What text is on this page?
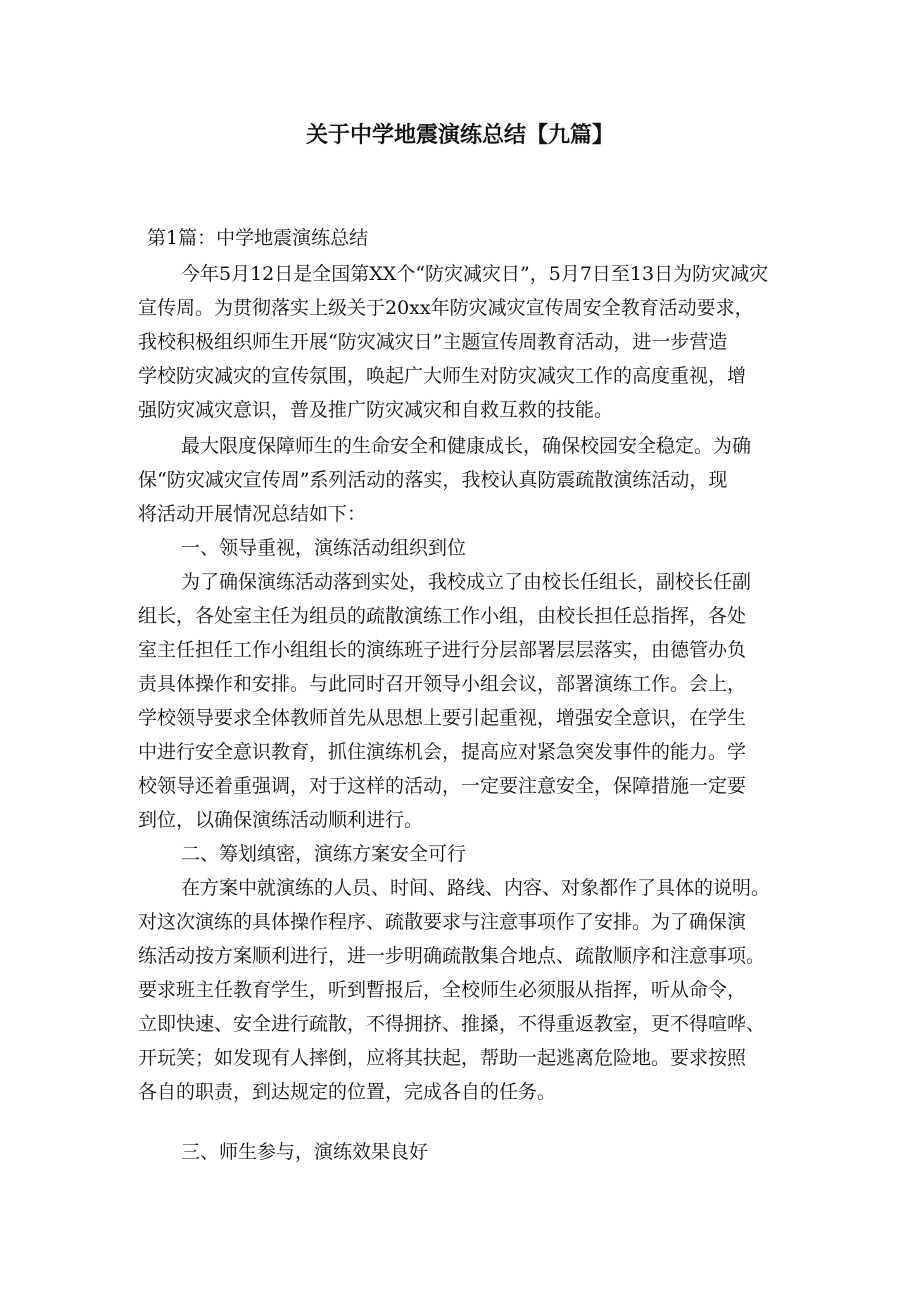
关于中学地震演练总结【九篇】
第1篇：中学地震演练总结
今年5月12日是全国第XX个“防灾减灾日”，5月7日至13日为防灾减灾
宣传周。为贯彻落实上级关于20xx年防灾减灾宣传周安全教育活动要求，
我校积极组织师生开展“防灾减灾日”主题宣传周教育活动，进一步营造
学校防灾减灾的宣传氛围，唤起广大师生对防灾减灾工作的高度重视，增
强防灾减灾意识，普及推广防灾减灾和自救互救的技能。
最大限度保障师生的生命安全和健康成长，确保校园安全稳定。为确
保“防灾减灾宣传周”系列活动的落实，我校认真防震疏散演练活动，现
将活动开展情况总结如下：
一、领导重视，演练活动组织到位
为了确保演练活动落到实处，我校成立了由校长任组长，副校长任副
组长，各处室主任为组员的疏散演练工作小组，由校长担任总指挥，各处
室主任担任工作小组组长的演练班子进行分层部署层层落实，由德管办负
责具体操作和安排。与此同时召开领导小组会议，部署演练工作。会上，
学校领导要求全体教师首先从思想上要引起重视，增强安全意识，在学生
中进行安全意识教育，抓住演练机会，提高应对紧急突发事件的能力。学
校领导还着重强调，对于这样的活动，一定要注意安全，保障措施一定要
到位，以确保演练活动顺利进行。
二、筹划缜密，演练方案安全可行
在方案中就演练的人员、时间、路线、内容、对象都作了具体的说明。
对这次演练的具体操作程序、疏散要求与注意事项作了安排。为了确保演
练活动按方案顺利进行，进一步明确疏散集合地点、疏散顺序和注意事项。
要求班主任教育学生，听到暫报后，全校师生必须服从指挥，听从命令，
立即快速、安全进行疏散，不得拥挤、推搡，不得重返教室，更不得喧哗、
开玩笑；如发现有人摔倒，应将其扶起，帮助一起逃离危险地。要求按照
各自的职责，到达规定的位置，完成各自的任务。
三、师生参与，演练效果良好
